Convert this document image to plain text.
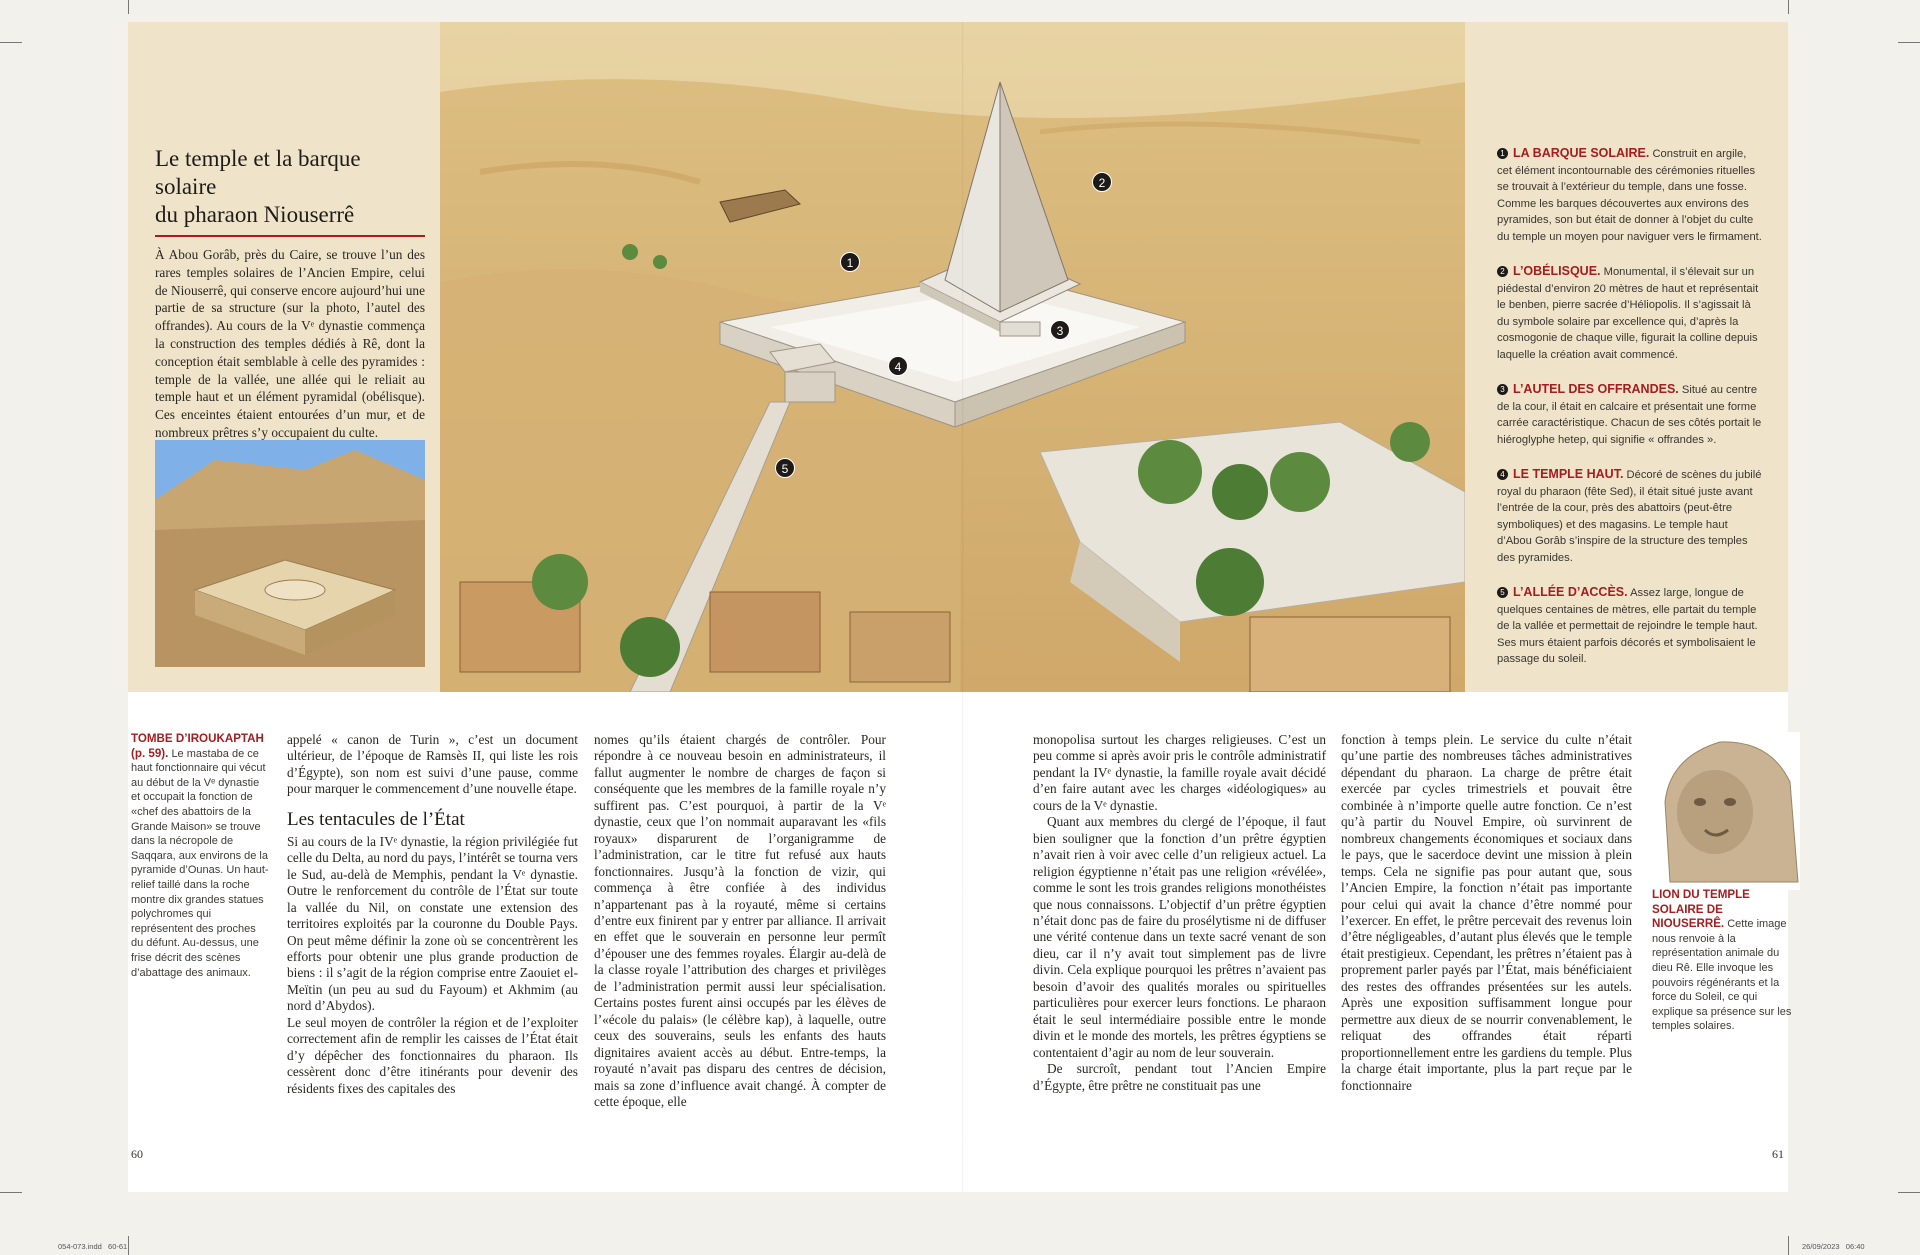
1
2
3
4
5
Le temple et la barque solaire
du pharaon Niouserrê

À Abou Gorâb, près du Caire, se trouve l’un des rares temples solaires de l’Ancien Empire, celui de Niouserrê, qui conserve encore aujourd’hui une partie de sa structure (sur la photo, l’autel des offrandes). Au cours de la Vᵉ dynastie commença la construction des temples dédiés à Rê, dont la conception était semblable à celle des pyramides : temple de la vallée, une allée qui le reliait au temple haut et un élément pyramidal (obélisque). Ces enceintes étaient entourées d’un mur, et de nombreux prêtres s’y occupaient du culte.

1 LA BARQUE SOLAIRE. Construit en argile, cet élément incontournable des cérémonies rituelles se trouvait à l’extérieur du temple, dans une fosse. Comme les barques découvertes aux environs des pyramides, son but était de donner à l’objet du culte du temple un moyen pour naviguer vers le firmament.
2 L’OBÉLISQUE. Monumental, il s’élevait sur un piédestal d’environ 20 mètres de haut et représentait le benben, pierre sacrée d’Héliopolis. Il s’agissait là du symbole solaire par excellence qui, d’après la cosmogonie de chaque ville, figurait la colline depuis laquelle la création avait commencé.
3 L’AUTEL DES OFFRANDES. Situé au centre de la cour, il était en calcaire et présentait une forme carrée caractéristique. Chacun de ses côtés portait le hiéroglyphe hetep, qui signifie « offrandes ».
4 LE TEMPLE HAUT. Décoré de scènes du jubilé royal du pharaon (fête Sed), il était situé juste avant l’entrée de la cour, près des abattoirs (peut-être symboliques) et des magasins. Le temple haut d’Abou Gorâb s’inspire de la structure des temples des pyramides.
5 L’ALLÉE D’ACCÈS. Assez large, longue de quelques centaines de mètres, elle partait du temple de la vallée et permettait de rejoindre le temple haut. Ses murs étaient parfois décorés et symbolisaient le passage du soleil.
TOMBE D’IROUKAPTAH (p. 59). Le mastaba de ce haut fonctionnaire qui vécut au début de la Vᵉ dynastie et occupait la fonction de «chef des abattoirs de la Grande Maison» se trouve dans la nécropole de Saqqara, aux environs de la pyramide d’Ounas. Un haut-relief taillé dans la roche montre dix grandes statues polychromes qui représentent des proches du défunt. Au-dessus, une frise décrit des scènes d’abattage des animaux.

appelé « canon de Turin », c’est un document ultérieur, de l’époque de Ramsès II, qui liste les rois d’Égypte), son nom est suivi d’une pause, comme pour marquer le commencement d’une nouvelle étape.

Les tentacules de l’État

Si au cours de la IVᵉ dynastie, la région privilégiée fut celle du Delta, au nord du pays, l’intérêt se tourna vers le Sud, au-delà de Memphis, pendant la Vᵉ dynastie. Outre le renforcement du contrôle de l’État sur toute la vallée du Nil, on constate une extension des territoires exploités par la couronne du Double Pays. On peut même définir la zone où se concentrèrent les efforts pour obtenir une plus grande production de biens : il s’agit de la région comprise entre Zaouiet el-Meïtin (un peu au sud du Fayoum) et Akhmim (au nord d’Abydos).

Le seul moyen de contrôler la région et de l’exploiter correctement afin de remplir les caisses de l’État était d’y dépêcher des fonctionnaires du pharaon. Ils cessèrent donc d’être itinérants pour devenir des résidents fixes des capitales des

nomes qu’ils étaient chargés de contrôler. Pour répondre à ce nouveau besoin en administrateurs, il fallut augmenter le nombre de charges de façon si conséquente que les membres de la famille royale n’y suffirent pas. C’est pourquoi, à partir de la Vᵉ dynastie, ceux que l’on nommait auparavant les «fils royaux» disparurent de l’organigramme de l’administration, car le titre fut refusé aux hauts fonctionnaires. Jusqu’à la fonction de vizir, qui commença à être confiée à des individus n’appartenant pas à la royauté, même si certains d’entre eux finirent par y entrer par alliance. Il arrivait en effet que le souverain en personne leur permît d’épouser une des femmes royales. Élargir au-delà de la classe royale l’attribution des charges et privilèges de l’administration permit aussi leur spécialisation. Certains postes furent ainsi occupés par les élèves de l’«école du palais» (le célèbre kap), à laquelle, outre ceux des souverains, seuls les enfants des hauts dignitaires avaient accès au début. Entre-temps, la royauté n’avait pas disparu des centres de décision, mais sa zone d’influence avait changé. À compter de cette époque, elle

monopolisa surtout les charges religieuses. C’est un peu comme si après avoir pris le contrôle administratif pendant la IVᵉ dynastie, la famille royale avait décidé d’en faire autant avec les charges «idéologiques» au cours de la Vᵉ dynastie.

Quant aux membres du clergé de l’époque, il faut bien souligner que la fonction d’un prêtre égyptien n’avait rien à voir avec celle d’un religieux actuel. La religion égyptienne n’était pas une religion «révélée», comme le sont les trois grandes religions monothéistes que nous connaissons. L’objectif d’un prêtre égyptien n’était donc pas de faire du prosélytisme ni de diffuser une vérité contenue dans un texte sacré venant de son dieu, car il n’y avait tout simplement pas de livre divin. Cela explique pourquoi les prêtres n’avaient pas besoin d’avoir des qualités morales ou spirituelles particulières pour exercer leurs fonctions. Le pharaon était le seul intermédiaire possible entre le monde divin et le monde des mortels, les prêtres égyptiens se contentaient d’agir au nom de leur souverain.

De surcroît, pendant tout l’Ancien Empire d’Égypte, être prêtre ne constituait pas une

fonction à temps plein. Le service du culte n’était qu’une partie des nombreuses tâches administratives dépendant du pharaon. La charge de prêtre était exercée par cycles trimestriels et pouvait être combinée à n’importe quelle autre fonction. Ce n’est qu’à partir du Nouvel Empire, où survinrent de nombreux changements économiques et sociaux dans le pays, que le sacerdoce devint une mission à plein temps. Cela ne signifie pas pour autant que, sous l’Ancien Empire, la fonction n’était pas importante pour celui qui avait la chance d’être nommé pour l’exercer. En effet, le prêtre percevait des revenus loin d’être négligeables, d’autant plus élevés que le temple était prestigieux. Cependant, les prêtres n’étaient pas à proprement parler payés par l’État, mais bénéficiaient des restes des offrandes présentées sur les autels. Après une exposition suffisamment longue pour permettre aux dieux de se nourrir convenablement, le reliquat des offrandes était réparti proportionnellement entre les gardiens du temple. Plus la charge était importante, plus la part reçue par le fonctionnaire

LION DU TEMPLE SOLAIRE DE NIOUSERRÊ. Cette image nous renvoie à la représentation animale du dieu Rê. Elle invoque les pouvoirs régénérants et la force du Soleil, ce qui explique sa présence sur les temples solaires.
60	61
054-073.indd   60-61	26/09/2023   06:40
